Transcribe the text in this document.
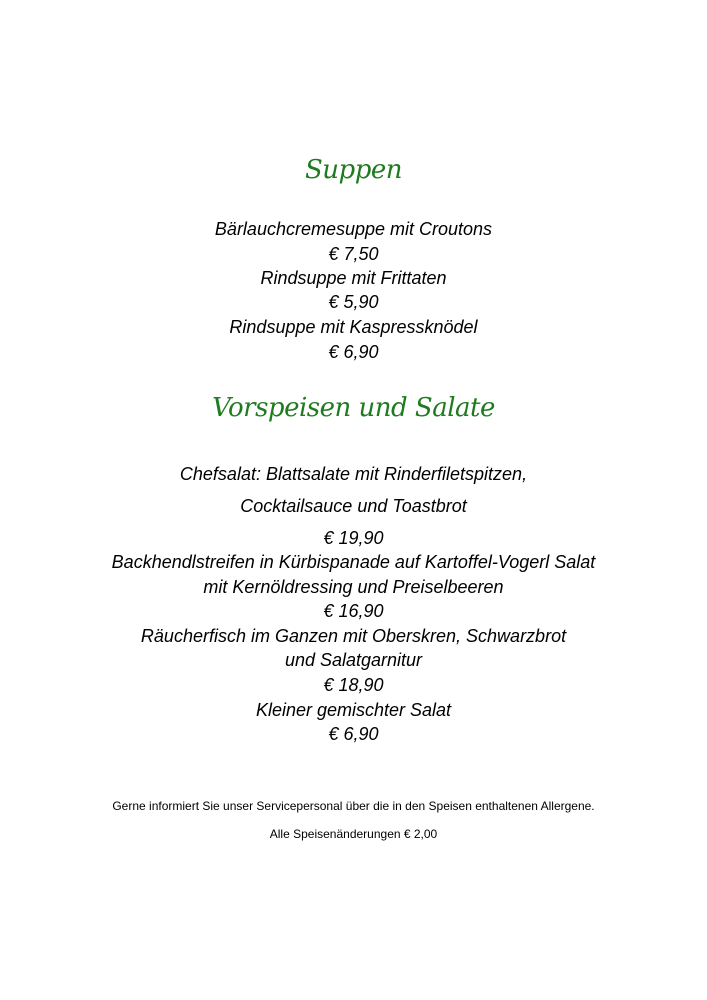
Suppen
Bärlauchcremesuppe mit Croutons
€ 7,50
Rindsuppe mit Frittaten
€ 5,90
Rindsuppe mit Kaspressknödel
€ 6,90
Vorspeisen und Salate
Chefsalat: Blattsalate mit Rinderfiletspitzen,
Cocktailsauce und Toastbrot
€ 19,90
Backhendlstreifen in Kürbispanade auf Kartoffel-Vogerl Salat
mit Kernöldressing und Preiselbeeren
€ 16,90
Räucherfisch im Ganzen mit Oberskren, Schwarzbrot
und Salatgarnitur
€ 18,90
Kleiner gemischter Salat
€ 6,90
Gerne informiert Sie unser Servicepersonal über die in den Speisen enthaltenen Allergene.
Alle Speisenänderungen € 2,00
